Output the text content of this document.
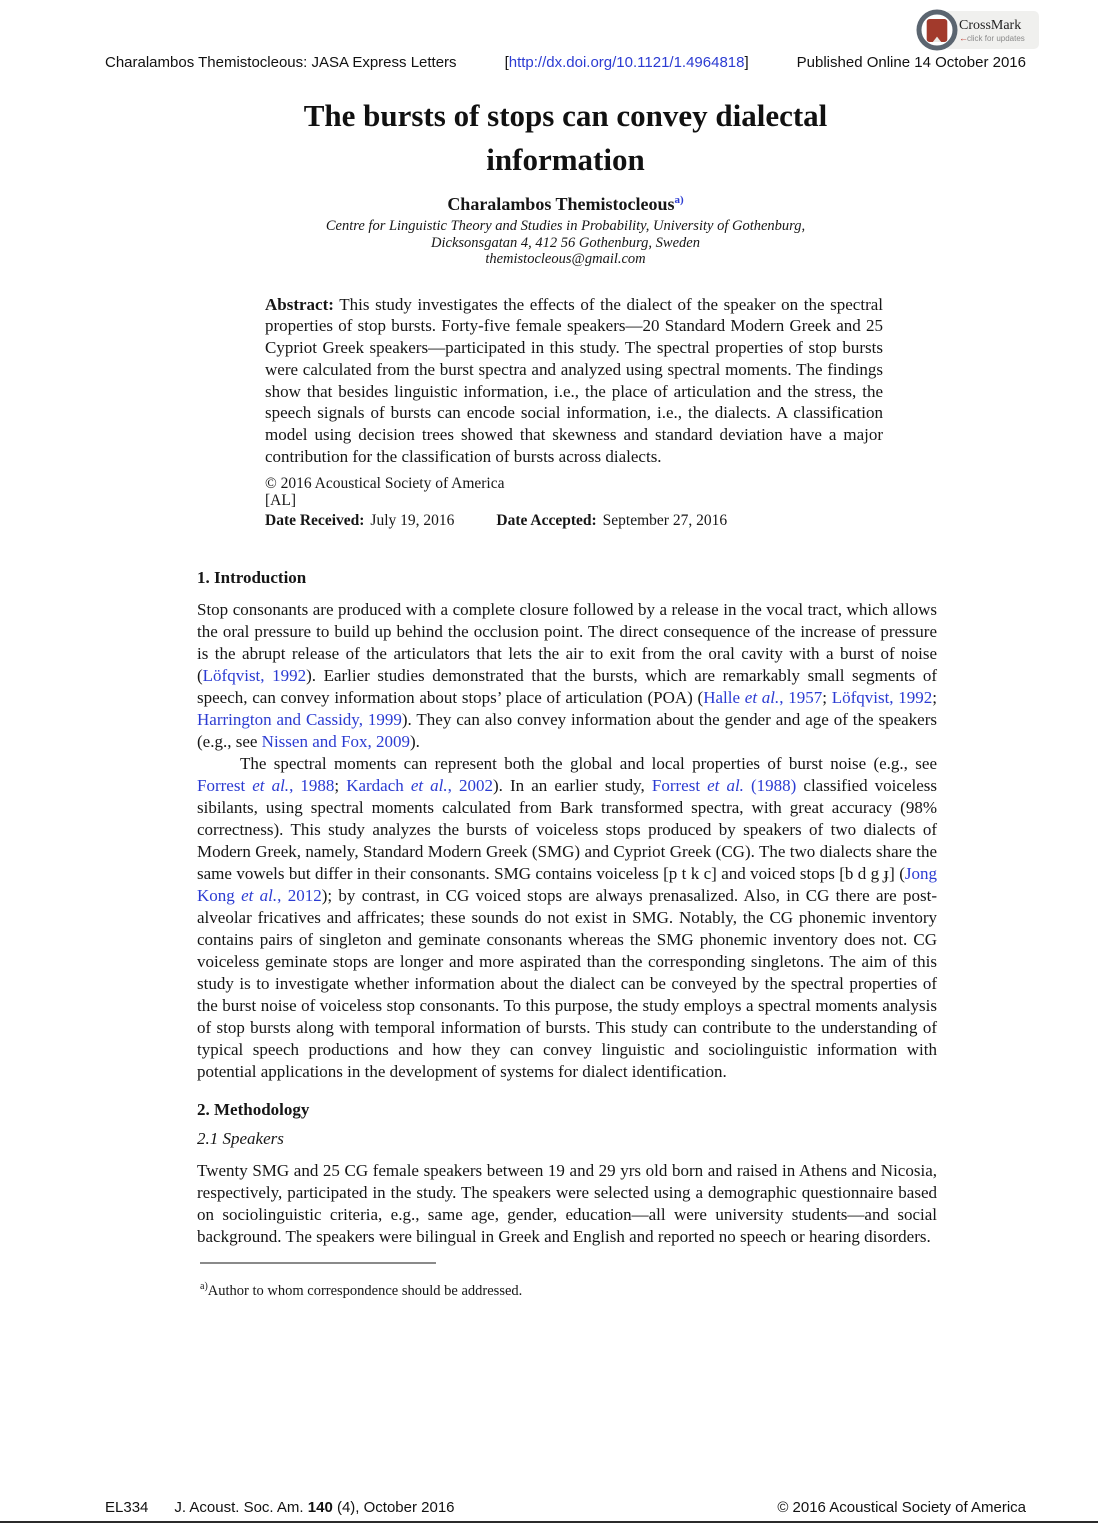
CrossMark
← click for updates
Charalambos Themistocleous: JASA Express Letters	[http://dx.doi.org/10.1121/1.4964818]	Published Online 14 October 2016
The bursts of stops can convey dialectal information
Charalambos Themistocleous$^{a)}$
Centre for Linguistic Theory and Studies in Probability, University of Gothenburg,
Dicksonsgatan 4, 412 56 Gothenburg, Sweden
themistocleous@gmail.com
Abstract: This study investigates the effects of the dialect of the speaker on the spectral properties of stop bursts. Forty-five female speakers—20 Standard Modern Greek and 25 Cypriot Greek speakers—participated in this study. The spectral properties of stop bursts were calculated from the burst spectra and analyzed using spectral moments. The findings show that besides linguistic information, i.e., the place of articulation and the stress, the speech signals of bursts can encode social information, i.e., the dialects. A classification model using decision trees showed that skewness and standard deviation have a major contribution for the classification of bursts across dialects.
© 2016 Acoustical Society of America
[AL]
Date Received: July 19, 2016	Date Accepted: September 27, 2016
1. Introduction

Stop consonants are produced with a complete closure followed by a release in the vocal tract, which allows the oral pressure to build up behind the occlusion point. The direct consequence of the increase of pressure is the abrupt release of the articulators that lets the air to exit from the oral cavity with a burst of noise (Löfqvist, 1992). Earlier studies demonstrated that the bursts, which are remarkably small segments of speech, can convey information about stops’ place of articulation (POA) (Halle et al., 1957; Löfqvist, 1992; Harrington and Cassidy, 1999). They can also convey information about the gender and age of the speakers (e.g., see Nissen and Fox, 2009).

The spectral moments can represent both the global and local properties of burst noise (e.g., see Forrest et al., 1988; Kardach et al., 2002). In an earlier study, Forrest et al. (1988) classified voiceless sibilants, using spectral moments calculated from Bark transformed spectra, with great accuracy (98% correctness). This study analyzes the bursts of voiceless stops produced by speakers of two dialects of Modern Greek, namely, Standard Modern Greek (SMG) and Cypriot Greek (CG). The two dialects share the same vowels but differ in their consonants. SMG contains voiceless [p t k c] and voiced stops [b d g ɟ] (Jong Kong et al., 2012); by contrast, in CG voiced stops are always prenasalized. Also, in CG there are post-alveolar fricatives and affricates; these sounds do not exist in SMG. Notably, the CG phonemic inventory contains pairs of singleton and geminate consonants whereas the SMG phonemic inventory does not. CG voiceless geminate stops are longer and more aspirated than the corresponding singletons. The aim of this study is to investigate whether information about the dialect can be conveyed by the spectral properties of the burst noise of voiceless stop consonants. To this purpose, the study employs a spectral moments analysis of stop bursts along with temporal information of bursts. This study can contribute to the understanding of typical speech productions and how they can convey linguistic and sociolinguistic information with potential applications in the development of systems for dialect identification.

2. Methodology
2.1 Speakers

Twenty SMG and 25 CG female speakers between 19 and 29 yrs old born and raised in Athens and Nicosia, respectively, participated in the study. The speakers were selected using a demographic questionnaire based on sociolinguistic criteria, e.g., same age, gender, education—all were university students—and social background. The speakers were bilingual in Greek and English and reported no speech or hearing disorders.

$^{a)}$Author to whom correspondence should be addressed.
EL334 J. Acoust. Soc. Am. 140 (4), October 2016	© 2016 Acoustical Society of America
